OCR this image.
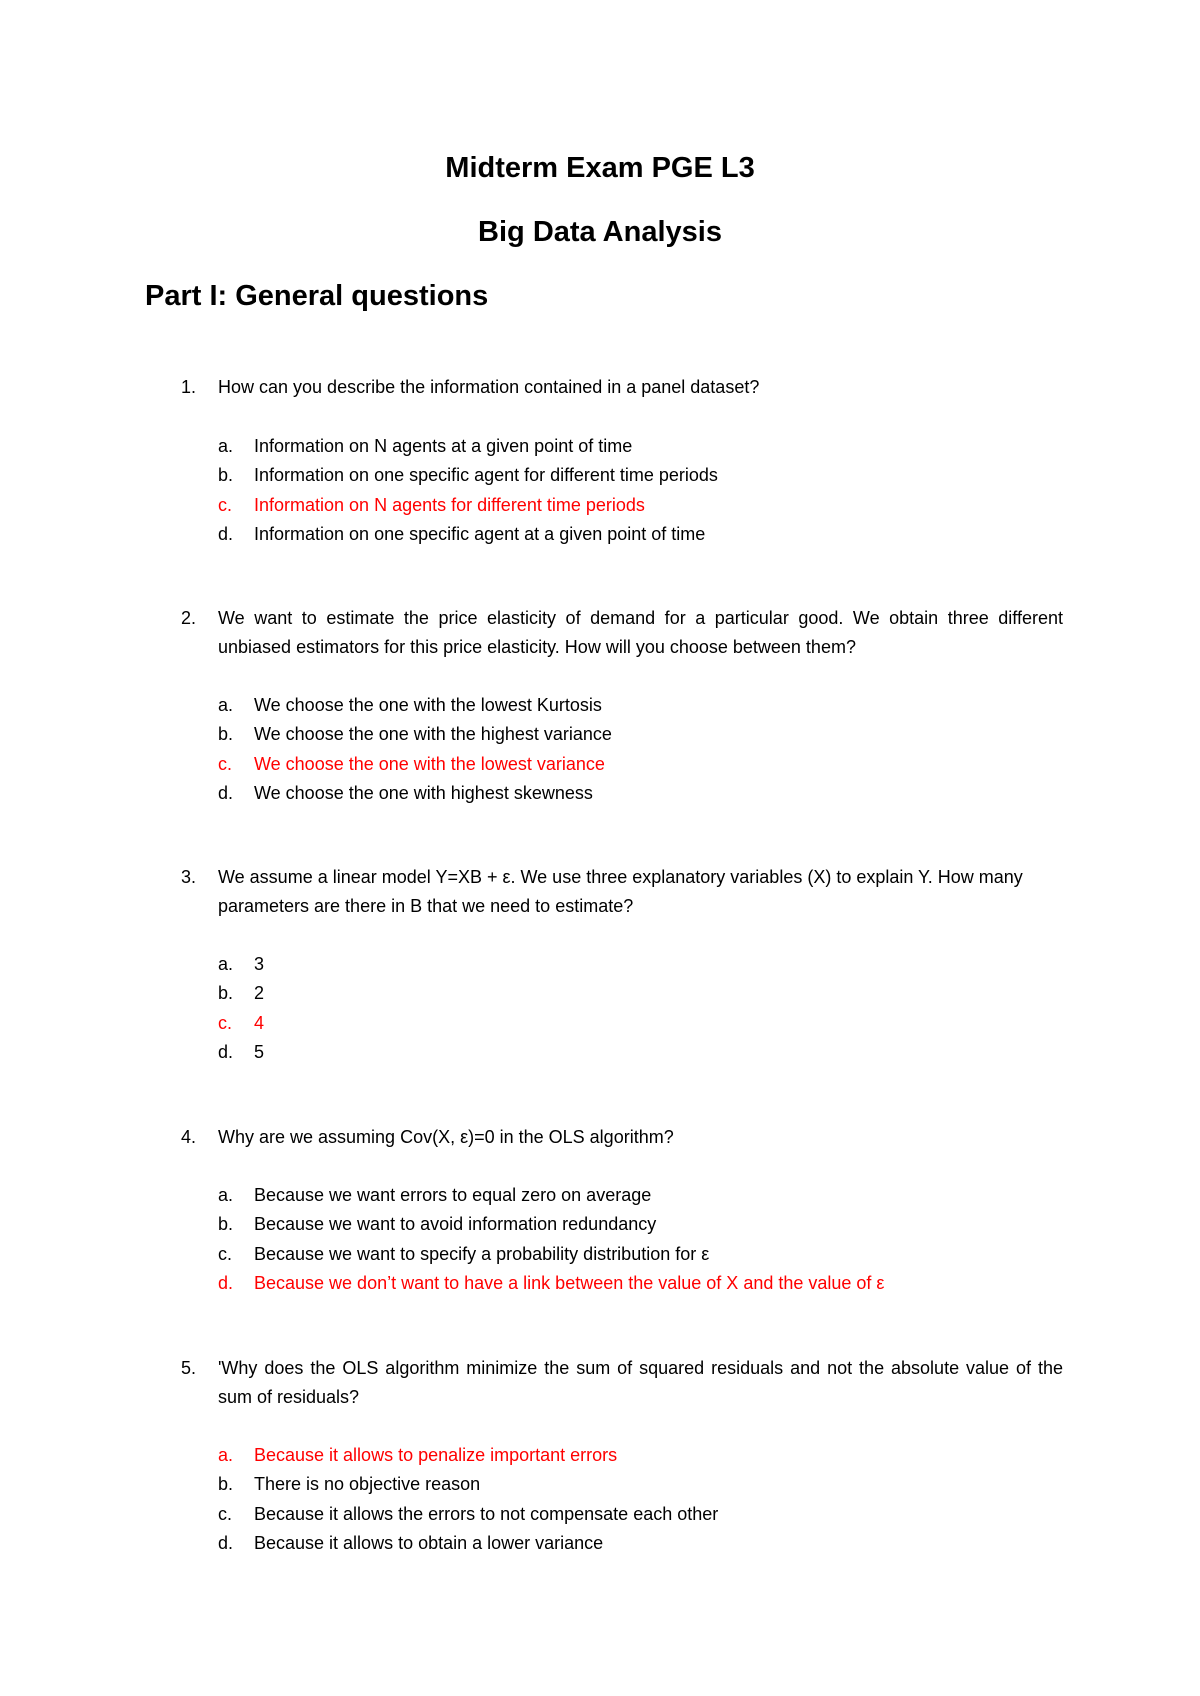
Midterm Exam PGE L3
Big Data Analysis
Part I: General questions
1. How can you describe the information contained in a panel dataset?
a. Information on N agents at a given point of time
b. Information on one specific agent for different time periods
c. Information on N agents for different time periods
d. Information on one specific agent at a given point of time
2. We want to estimate the price elasticity of demand for a particular good. We obtain three different unbiased estimators for this price elasticity. How will you choose between them?
a. We choose the one with the lowest Kurtosis
b. We choose the one with the highest variance
c. We choose the one with the lowest variance
d. We choose the one with highest skewness
3. We assume a linear model Y=XB + ε. We use three explanatory variables (X) to explain Y. How many parameters are there in B that we need to estimate?
a. 3
b. 2
c. 4
d. 5
4. Why are we assuming Cov(X, ε)=0 in the OLS algorithm?
a. Because we want errors to equal zero on average
b. Because we want to avoid information redundancy
c. Because we want to specify a probability distribution for ε
d. Because we don’t want to have a link between the value of X and the value of ε
5. 'Why does the OLS algorithm minimize the sum of squared residuals and not the absolute value of the sum of residuals?
a. Because it allows to penalize important errors
b. There is no objective reason
c. Because it allows the errors to not compensate each other
d. Because it allows to obtain a lower variance
